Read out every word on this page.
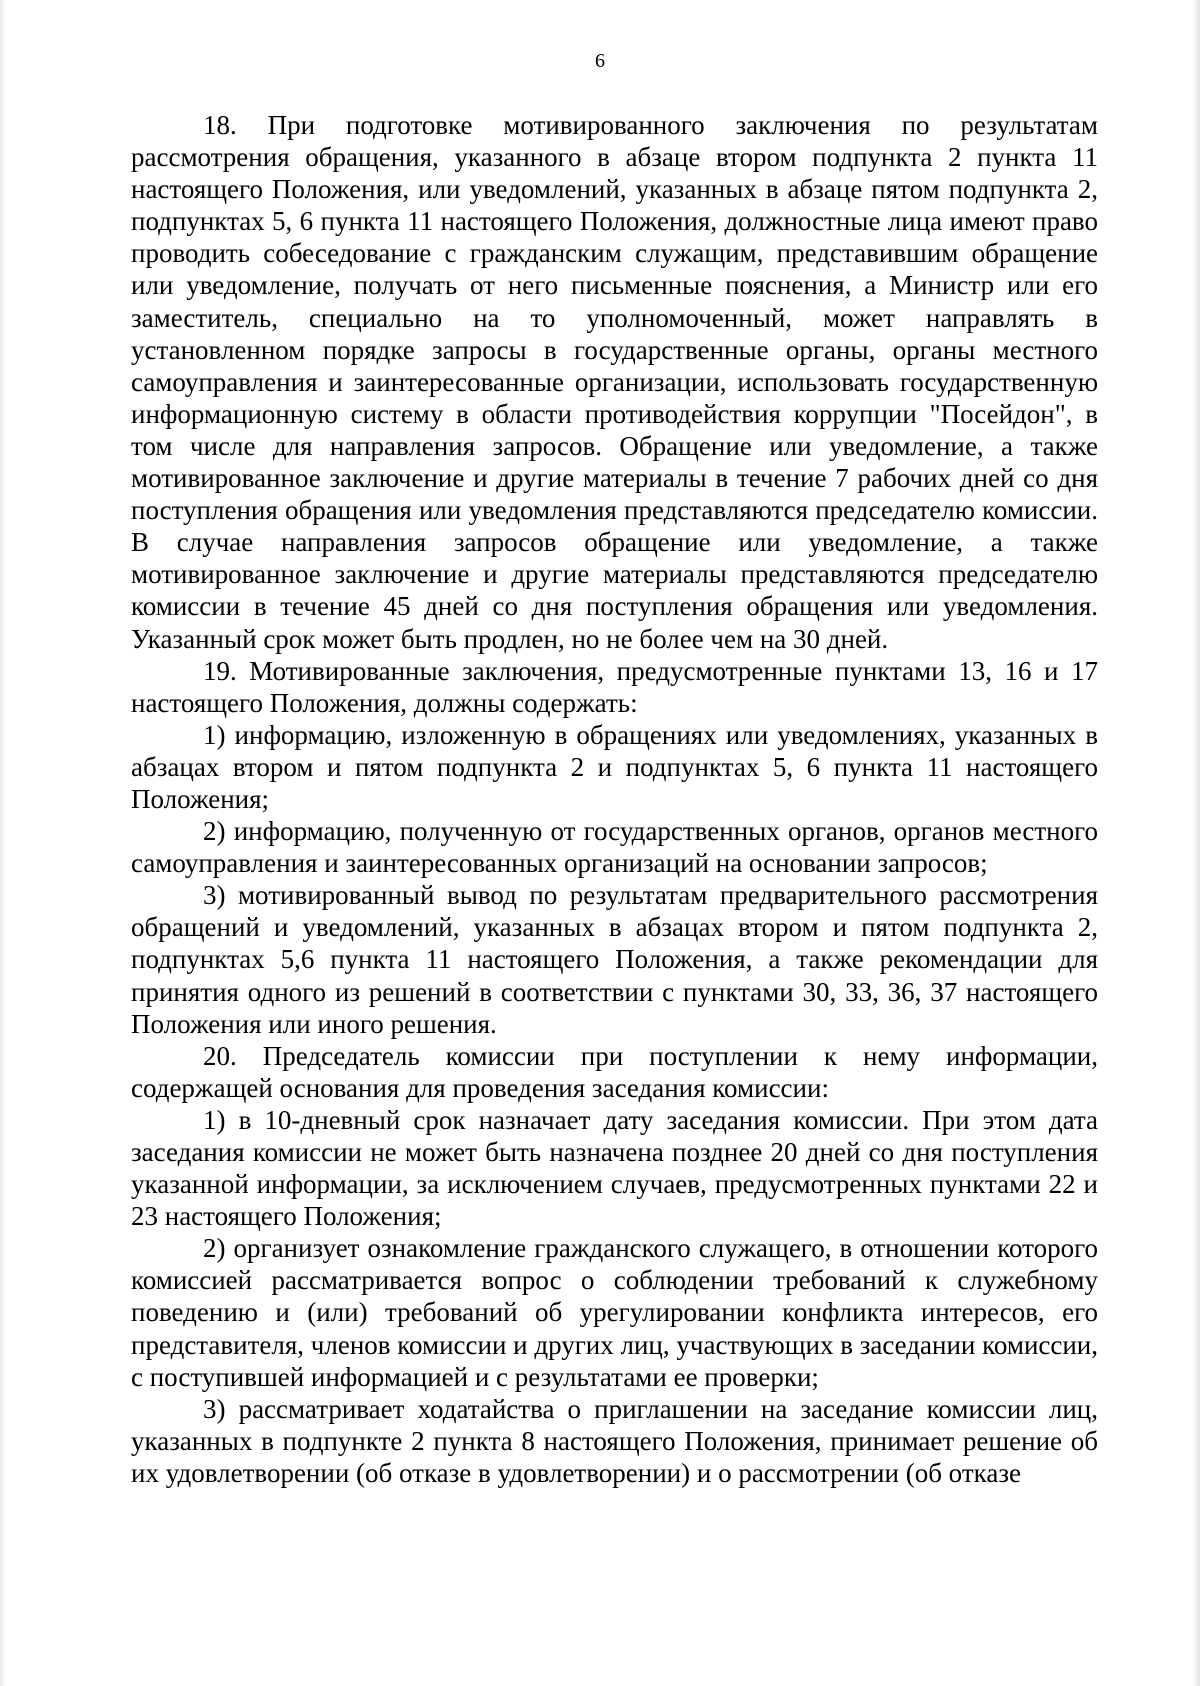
6

18. При подготовке мотивированного заключения по результатам рассмотрения обращения, указанного в абзаце втором подпункта 2 пункта 11 настоящего Положения, или уведомлений, указанных в абзаце пятом подпункта 2, подпунктах 5, 6 пункта 11 настоящего Положения, должностные лица имеют право проводить собеседование с гражданским служащим, представившим обращение или уведомление, получать от него письменные пояснения, а Министр или его заместитель, специально на то уполномоченный, может направлять в установленном порядке запросы в государственные органы, органы местного самоуправления и заинтересованные организации, использовать государственную информационную систему в области противодействия коррупции "Посейдон", в том числе для направления запросов. Обращение или уведомление, а также мотивированное заключение и другие материалы в течение 7 рабочих дней со дня поступления обращения или уведомления представляются председателю комиссии. В случае направления запросов обращение или уведомление, а также мотивированное заключение и другие материалы представляются председателю комиссии в течение 45 дней со дня поступления обращения или уведомления. Указанный срок может быть продлен, но не более чем на 30 дней.

19. Мотивированные заключения, предусмотренные пунктами 13, 16 и 17 настоящего Положения, должны содержать:

1) информацию, изложенную в обращениях или уведомлениях, указанных в абзацах втором и пятом подпункта 2 и подпунктах 5, 6 пункта 11 настоящего Положения;

2) информацию, полученную от государственных органов, органов местного самоуправления и заинтересованных организаций на основании запросов;

3) мотивированный вывод по результатам предварительного рассмотрения обращений и уведомлений, указанных в абзацах втором и пятом подпункта 2, подпунктах 5,6 пункта 11 настоящего Положения, а также рекомендации для принятия одного из решений в соответствии с пунктами 30, 33, 36, 37 настоящего Положения или иного решения.

20. Председатель комиссии при поступлении к нему информации, содержащей основания для проведения заседания комиссии:

1) в 10-дневный срок назначает дату заседания комиссии. При этом дата заседания комиссии не может быть назначена позднее 20 дней со дня поступления указанной информации, за исключением случаев, предусмотренных пунктами 22 и 23 настоящего Положения;

2) организует ознакомление гражданского служащего, в отношении которого комиссией рассматривается вопрос о соблюдении требований к служебному поведению и (или) требований об урегулировании конфликта интересов, его представителя, членов комиссии и других лиц, участвующих в заседании комиссии, с поступившей информацией и с результатами ее проверки;

3) рассматривает ходатайства о приглашении на заседание комиссии лиц, указанных в подпункте 2 пункта 8 настоящего Положения, принимает решение об их удовлетворении (об отказе в удовлетворении) и о рассмотрении (об отказе
